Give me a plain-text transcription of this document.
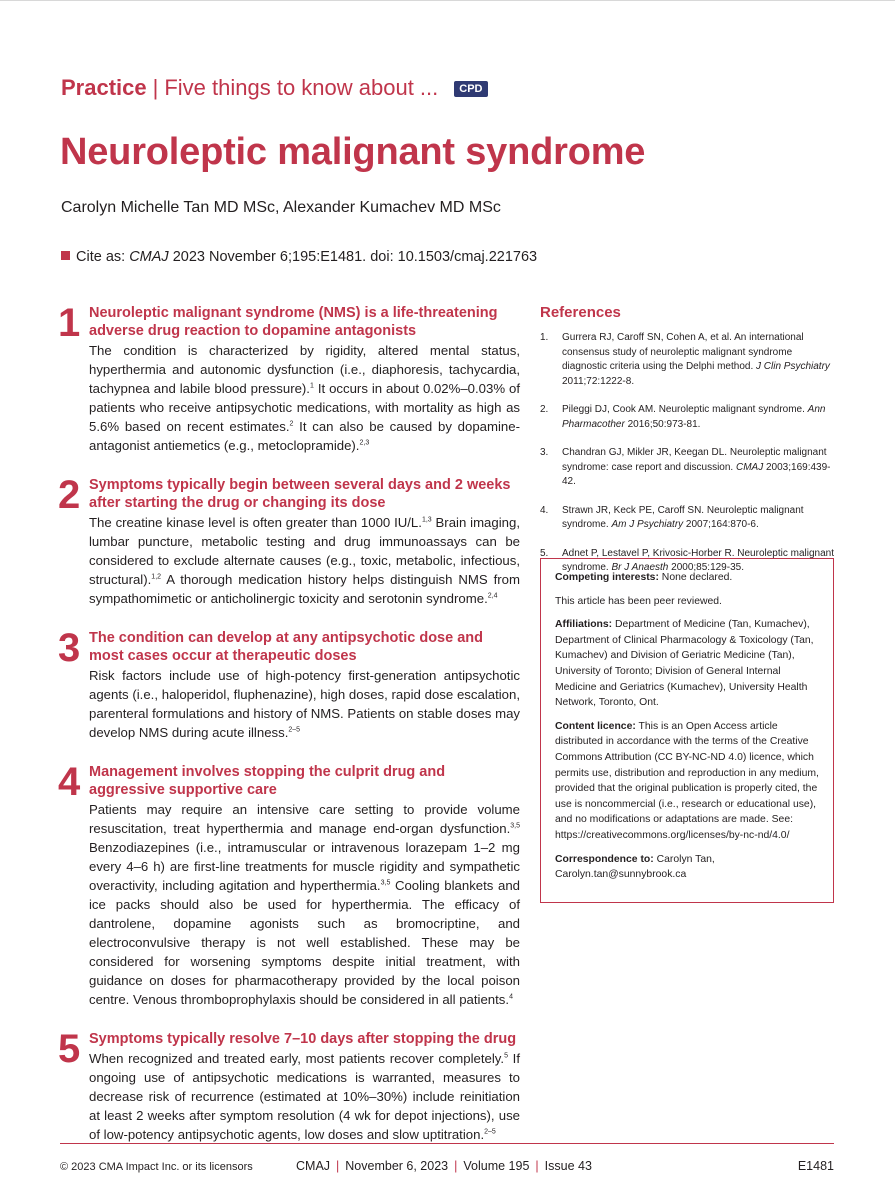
Practice | Five things to know about ... CPD
Neuroleptic malignant syndrome
Carolyn Michelle Tan MD MSc, Alexander Kumachev MD MSc
Cite as: CMAJ 2023 November 6;195:E1481. doi: 10.1503/cmaj.221763
1 Neuroleptic malignant syndrome (NMS) is a life-threatening adverse drug reaction to dopamine antagonists
The condition is characterized by rigidity, altered mental status, hyperthermia and autonomic dysfunction (i.e., diaphoresis, tachycardia, tachypnea and labile blood pressure).$^1$ It occurs in about 0.02%–0.03% of patients who receive antipsychotic medications, with mortality as high as 5.6% based on recent estimates.$^2$ It can also be caused by dopamine-antagonist antiemetics (e.g., metoclopramide).$^{2,3}$
2 Symptoms typically begin between several days and 2 weeks after starting the drug or changing its dose
The creatine kinase level is often greater than 1000 IU/L.$^{1,3}$ Brain imaging, lumbar puncture, metabolic testing and drug immunoassays can be considered to exclude alternate causes (e.g., toxic, metabolic, infectious, structural).$^{1,2}$ A thorough medication history helps distinguish NMS from sympathomimetic or anticholinergic toxicity and serotonin syndrome.$^{2,4}$
3 The condition can develop at any antipsychotic dose and most cases occur at therapeutic doses
Risk factors include use of high-potency first-generation antipsychotic agents (i.e., haloperidol, fluphenazine), high doses, rapid dose escalation, parenteral formulations and history of NMS. Patients on stable doses may develop NMS during acute illness.$^{2-5}$
4 Management involves stopping the culprit drug and aggressive supportive care
Patients may require an intensive care setting to provide volume resuscitation, treat hyperthermia and manage end-organ dysfunction.$^{3,5}$ Benzodiazepines (i.e., intramuscular or intravenous lorazepam 1–2 mg every 4–6 h) are first-line treatments for muscle rigidity and sympathetic overactivity, including agitation and hyperthermia.$^{3,5}$ Cooling blankets and ice packs should also be used for hyperthermia. The efficacy of dantrolene, dopamine agonists such as bromocriptine, and electroconvulsive therapy is not well established. These may be considered for worsening symptoms despite initial treatment, with guidance on doses for pharmacotherapy provided by the local poison centre. Venous thromboprophylaxis should be considered in all patients.$^4$
5 Symptoms typically resolve 7–10 days after stopping the drug
When recognized and treated early, most patients recover completely.$^5$ If ongoing use of antipsychotic medications is warranted, measures to decrease risk of recurrence (estimated at 10%–30%) include reinitiation at least 2 weeks after symptom resolution (4 wk for depot injections), use of low-potency antipsychotic agents, low doses and slow uptitration.$^{2-5}$
References
1. Gurrera RJ, Caroff SN, Cohen A, et al. An international consensus study of neuroleptic malignant syndrome diagnostic criteria using the Delphi method. J Clin Psychiatry 2011;72:1222-8.
2. Pileggi DJ, Cook AM. Neuroleptic malignant syndrome. Ann Pharmacother 2016;50:973-81.
3. Chandran GJ, Mikler JR, Keegan DL. Neuroleptic malignant syndrome: case report and discussion. CMAJ 2003;169:439-42.
4. Strawn JR, Keck PE, Caroff SN. Neuroleptic malignant syndrome. Am J Psychiatry 2007;164:870-6.
5. Adnet P, Lestavel P, Krivosic-Horber R. Neuroleptic malignant syndrome. Br J Anaesth 2000;85:129-35.

Competing interests: None declared.

This article has been peer reviewed.

Affiliations: Department of Medicine (Tan, Kumachev), Department of Clinical Pharmacology & Toxicology (Tan, Kumachev) and Division of Geriatric Medicine (Tan), University of Toronto; Division of General Internal Medicine and Geriatrics (Kumachev), University Health Network, Toronto, Ont.

Content licence: This is an Open Access article distributed in accordance with the terms of the Creative Commons Attribution (CC BY-NC-ND 4.0) licence, which permits use, distribution and reproduction in any medium, provided that the original publication is properly cited, the use is noncommercial (i.e., research or educational use), and no modifications or adaptations are made. See: https://creativecommons.org/licenses/by-nc-nd/4.0/

Correspondence to: Carolyn Tan, Carolyn.tan@sunnybrook.ca

© 2023 CMA Impact Inc. or its licensors	CMAJ | November 6, 2023 | Volume 195 | Issue 43	E1481
